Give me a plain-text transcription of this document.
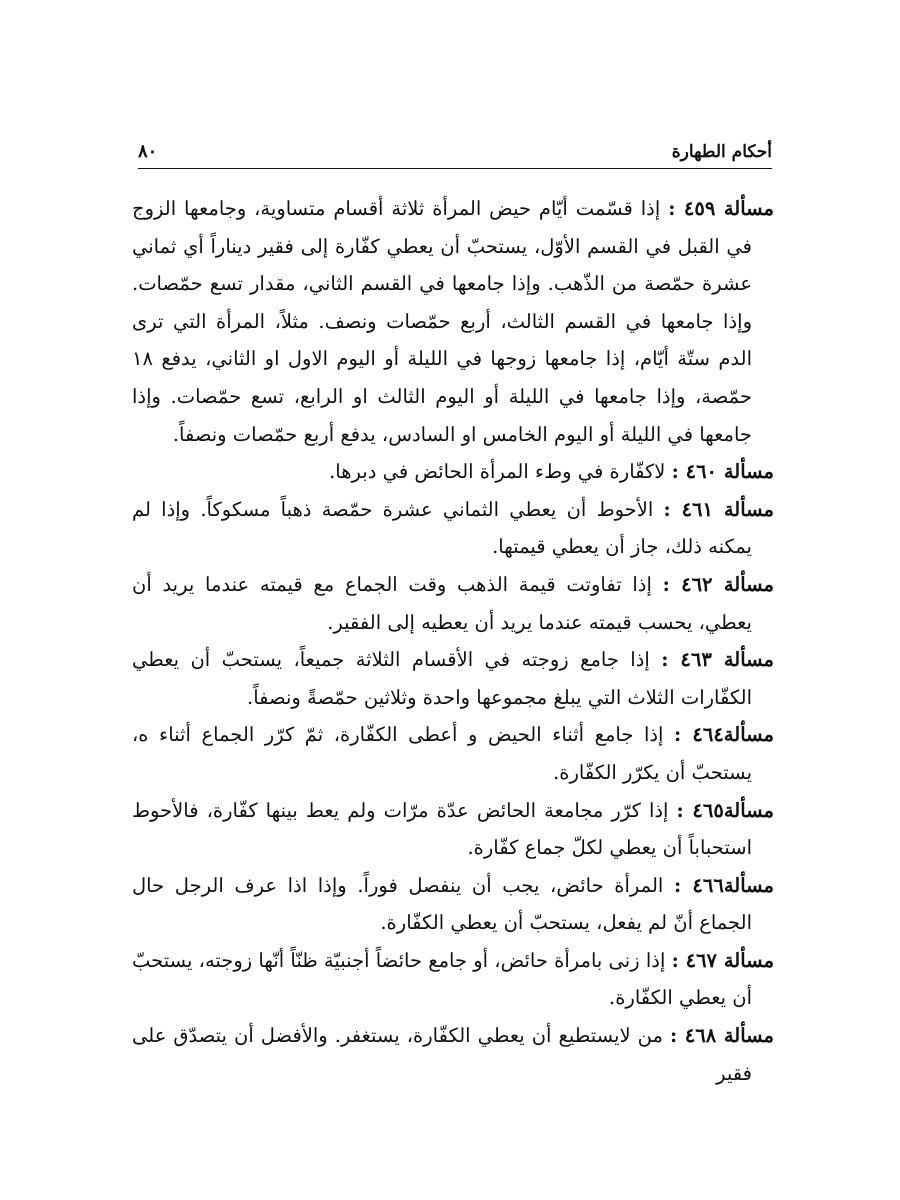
أحكام الطهارة
٨٠

مسألة ٤٥٩ : إذا قسّمت أيّام حيض المرأة ثلاثة أقسام متساوية، وجامعها الزوج في القبل في القسم الأوّل، يستحبّ أن يعطي كفّارة إلى فقير ديناراً أي ثماني عشرة حمّصة من الذّهب. وإذا جامعها في القسم الثاني، مقدار تسع حمّصات. وإذا جامعها في القسم الثالث، أربع حمّصات ونصف. مثلاً، المرأة التي ترى الدم ستّة أيّام، إذا جامعها زوجها في الليلة أو اليوم الاول او الثاني، يدفع ١٨ حمّصة، وإذا جامعها في الليلة أو اليوم الثالث او الرابع، تسع حمّصات. وإذا جامعها في الليلة أو اليوم الخامس او السادس، يدفع أربع حمّصات ونصفاً.

مسألة ٤٦٠ : لاكفّارة في وطء المرأة الحائض في دبرها.

مسألة ٤٦١ : الأحوط أن يعطي الثماني عشرة حمّصة ذهباً مسكوكاً. وإذا لم يمكنه ذلك، جاز أن يعطي قيمتها.

مسألة ٤٦٢ : إذا تفاوتت قيمة الذهب وقت الجماع مع قيمته عندما يريد أن يعطي، يحسب قيمته عندما يريد أن يعطيه إلى الفقير.

مسألة ٤٦٣ : إذا جامع زوجته في الأقسام الثلاثة جميعاً، يستحبّ أن يعطي الكفّارات الثلاث التي يبلغ مجموعها واحدة وثلاثين حمّصةً ونصفاً.

مسألة٤٦٤ : إذا جامع أثناء الحيض و أعطى الكفّارة، ثمّ كرّر الجماع أثناء ه، يستحبّ أن يكرّر الكفّارة.

مسألة٤٦٥ : إذا كرّر مجامعة الحائض عدّة مرّات ولم يعط بينها كفّارة، فالأحوط استحباباً أن يعطي لكلّ جماع كفّارة.

مسألة٤٦٦ : المرأة حائض، يجب أن ينفصل فوراً. وإذا اذا عرف الرجل حال الجماع أنّ لم يفعل، يستحبّ أن يعطي الكفّارة.

مسألة ٤٦٧ : إذا زنى بامرأة حائض، أو جامع حائضاً أجنبيّة ظنّاً أنّها زوجته، يستحبّ أن يعطي الكفّارة.

مسألة ٤٦٨ : من لايستطيع أن يعطي الكفّارة، يستغفر. والأفضل أن يتصدّق على فقير
